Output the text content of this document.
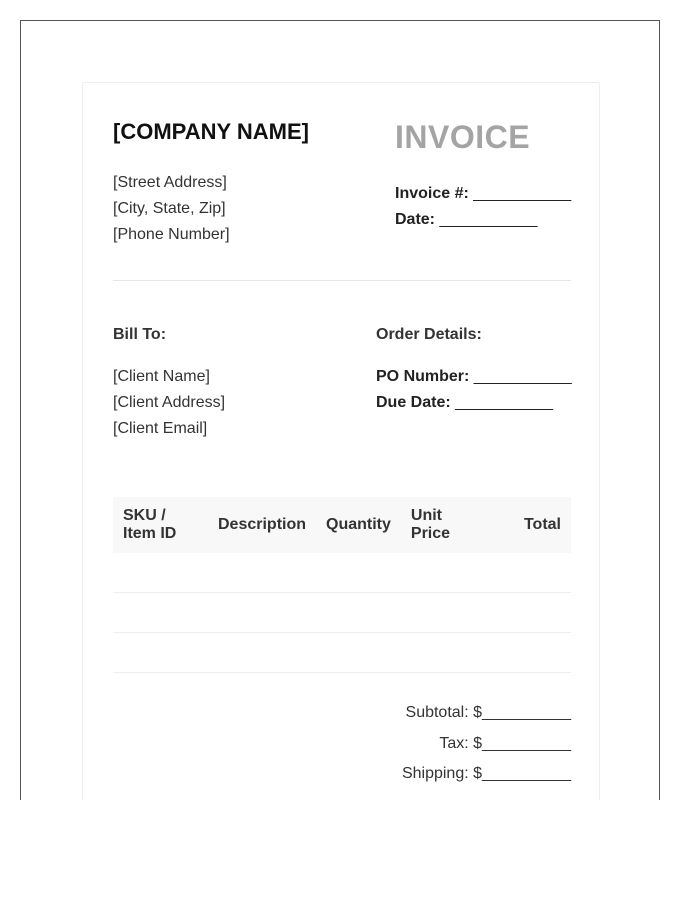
[COMPANY NAME]
[Street Address]
[City, State, Zip]
[Phone Number]
INVOICE
Invoice #: ___________
Date: ___________
Bill To:
[Client Name]
[Client Address]
[Client Email]
Order Details:
PO Number: ___________
Due Date: ___________
SKU / Item ID	Description	Quantity	Unit Price	Total

Subtotal: $__________
Tax: $__________
Shipping: $__________
